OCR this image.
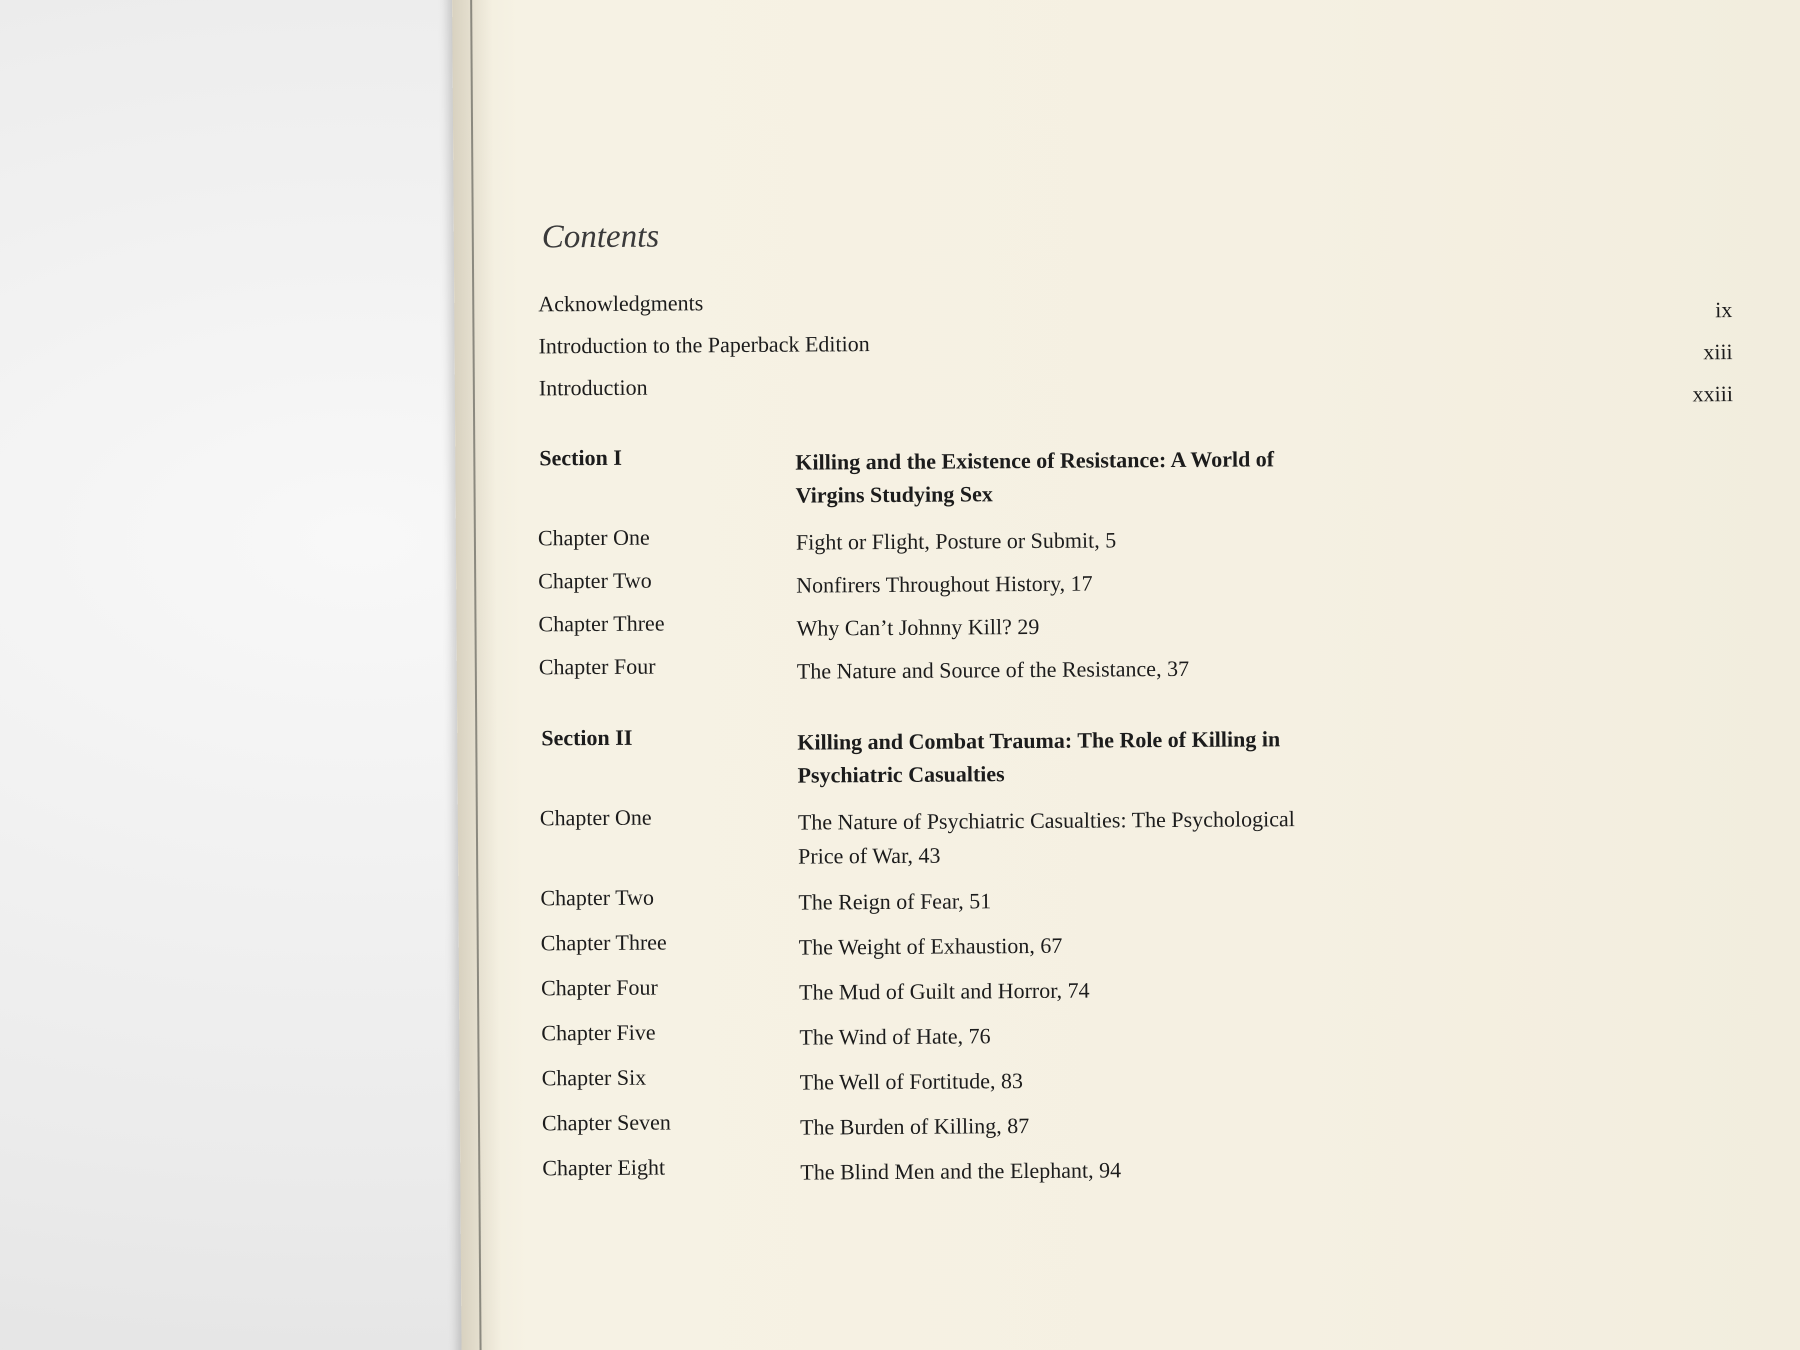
Contents
Acknowledgments	ix
Introduction to the Paperback Edition	xiii
Introduction	xxiii
Section I	Killing and the Existence of Resistance: A World of Virgins Studying Sex
Chapter One	Fight or Flight, Posture or Submit, 5
Chapter Two	Nonfirers Throughout History, 17
Chapter Three	Why Can’t Johnny Kill? 29
Chapter Four	The Nature and Source of the Resistance, 37
Section II	Killing and Combat Trauma: The Role of Killing in Psychiatric Casualties
Chapter One	The Nature of Psychiatric Casualties: The Psychological Price of War, 43
Chapter Two	The Reign of Fear, 51
Chapter Three	The Weight of Exhaustion, 67
Chapter Four	The Mud of Guilt and Horror, 74
Chapter Five	The Wind of Hate, 76
Chapter Six	The Well of Fortitude, 83
Chapter Seven	The Burden of Killing, 87
Chapter Eight	The Blind Men and the Elephant, 94
